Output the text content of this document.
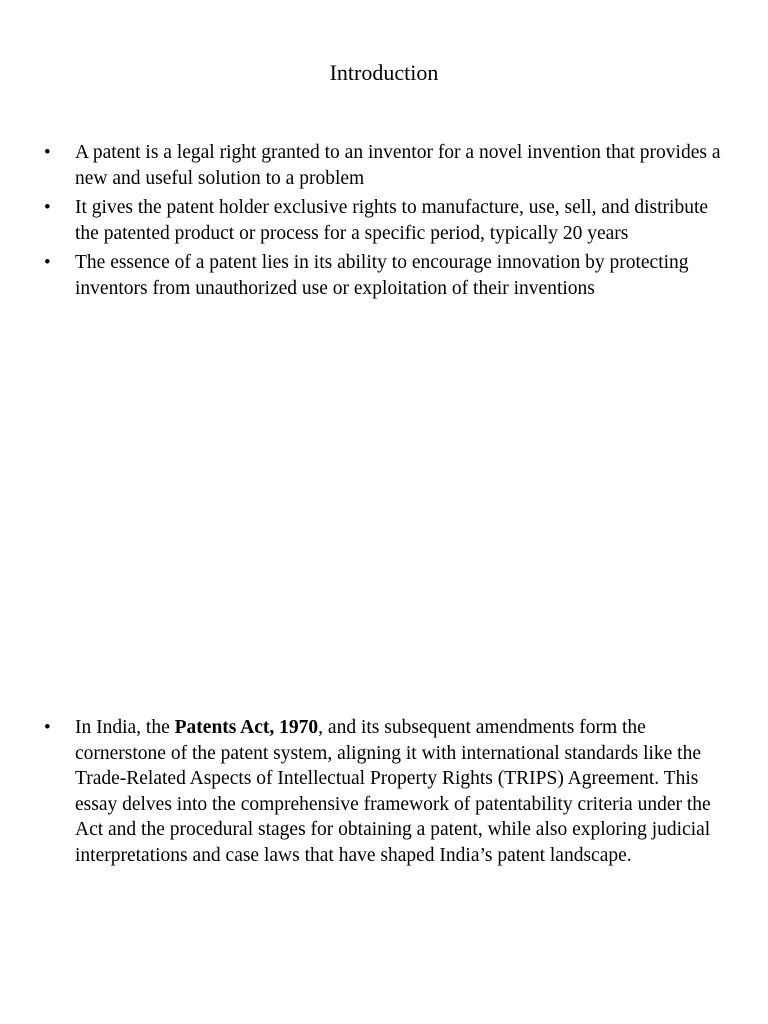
Introduction
• A patent is a legal right granted to an inventor for a novel invention that provides a new and useful solution to a problem
• It gives the patent holder exclusive rights to manufacture, use, sell, and distribute the patented product or process for a specific period, typically 20 years
• The essence of a patent lies in its ability to encourage innovation by protecting inventors from unauthorized use or exploitation of their inventions
• In India, the Patents Act, 1970, and its subsequent amendments form the cornerstone of the patent system, aligning it with international standards like the Trade-Related Aspects of Intellectual Property Rights (TRIPS) Agreement. This essay delves into the comprehensive framework of patentability criteria under the Act and the procedural stages for obtaining a patent, while also exploring judicial interpretations and case laws that have shaped India’s patent landscape.
